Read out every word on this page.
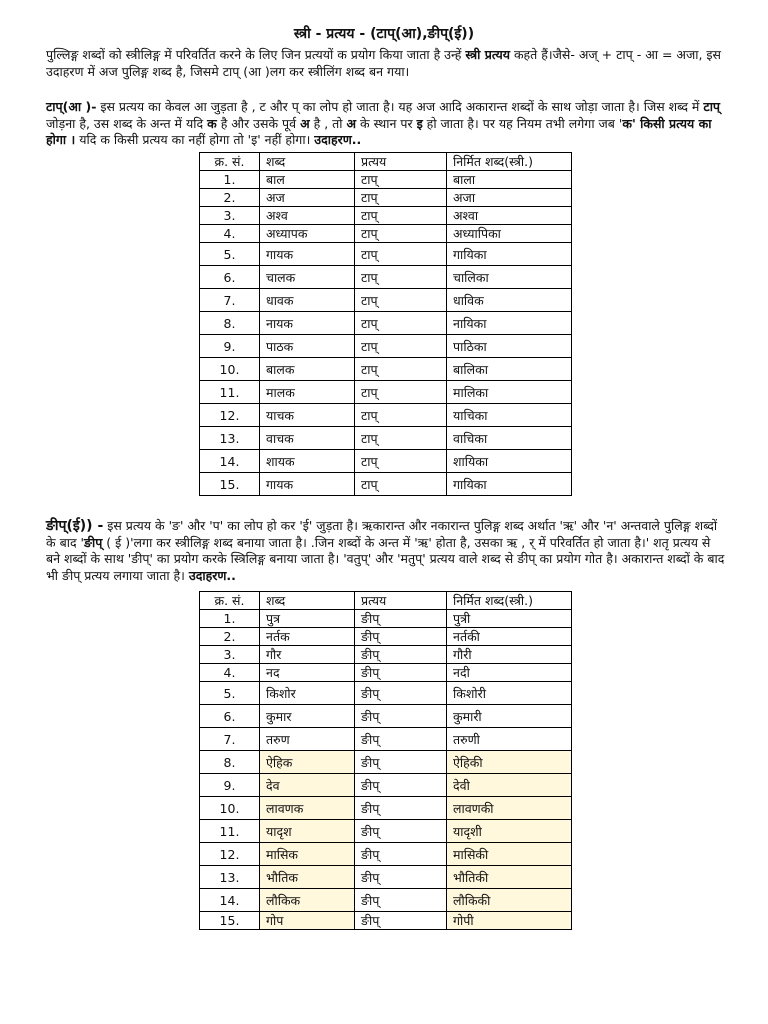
स्त्री - प्रत्यय - (टाप्(आ),ङीप्(ई))

पुल्लिङ्ग शब्दों को स्त्रीलिङ्ग में परिवर्तित करने के लिए जिन प्रत्ययों क प्रयोग किया जाता है उन्हें स्त्री प्रत्यय कहते हैं।जैसे- अज् + टाप् - आ = अजा, इस उदाहरण में अज पुलिङ्ग शब्द है, जिसमे टाप् (आ )लग कर स्त्रीलिंग शब्द बन गया।

टाप्(आ )- इस प्रत्यय का केवल आ जुड़ता है , ट और प् का लोप हो जाता है। यह अज आदि अकारान्त शब्दों के साथ जोड़ा जाता है। जिस शब्द में टाप् जोड़ना है, उस शब्द के अन्त में यदि क है और उसके पूर्व अ है , तो अ के स्थान पर इ हो जाता है। पर यह नियम तभी लगेगा जब 'क' किसी प्रत्यय का होगा । यदि क किसी प्रत्यय का नहीं होगा तो 'इ' नहीं होगा। उदाहरण..

क्र. सं.	शब्द	प्रत्यय	निर्मित शब्द(स्त्री.)
1.	बाल	टाप्	बाला
2.	अज	टाप्	अजा
3.	अश्व	टाप्	अश्वा
4.	अध्यापक	टाप्	अध्यापिका
5.	गायक	टाप्	गायिका
6.	चालक	टाप्	चालिका
7.	धावक	टाप्	धाविक
8.	नायक	टाप्	नायिका
9.	पाठक	टाप्	पाठिका
10.	बालक	टाप्	बालिका
11.	मालक	टाप्	मालिका
12.	याचक	टाप्	याचिका
13.	वाचक	टाप्	वाचिका
14.	शायक	टाप्	शायिका
15.	गायक	टाप्	गायिका

ङीप्(ई)) - इस प्रत्यय के 'ङ' और 'प' का लोप हो कर 'ई' जुड़ता है। ऋकारान्त और नकारान्त पुलिङ्ग शब्द अर्थात 'ऋ' और 'न' अन्तवाले पुलिङ्ग शब्दों के बाद 'ङीप् ( ई )'लगा कर स्त्रीलिङ्ग शब्द बनाया जाता है। .जिन शब्दों के अन्त में 'ऋ' होता है, उसका ऋ , र् में परिवर्तित हो जाता है।' शतृ प्रत्यय से बने शब्दों के साथ 'ङीप्' का प्रयोग करके स्त्रिलिङ्ग बनाया जाता है। 'वतुप्' और 'मतुप्' प्रत्यय वाले शब्द से ङीप् का प्रयोग गोत है। अकारान्त शब्दों के बाद भी ङीप् प्रत्यय लगाया जाता है। उदाहरण..

क्र. सं.	शब्द	प्रत्यय	निर्मित शब्द(स्त्री.)
1.	पुत्र	ङीप्	पुत्री
2.	नर्तक	ङीप्	नर्तकी
3.	गौर	ङीप्	गौरी
4.	नद	ङीप्	नदी
5.	किशोर	ङीप्	किशोरी
6.	कुमार	ङीप्	कुमारी
7.	तरुण	ङीप्	तरुणी
8.	ऐहिक	ङीप्	ऐहिकी
9.	देव	ङीप्	देवी
10.	लावणक	ङीप्	लावणकी
11.	यादृश	ङीप्	यादृशी
12.	मासिक	ङीप्	मासिकी
13.	भौतिक	ङीप्	भौतिकी
14.	लौकिक	ङीप्	लौकिकी
15.	गोप	ङीप्	गोपी
